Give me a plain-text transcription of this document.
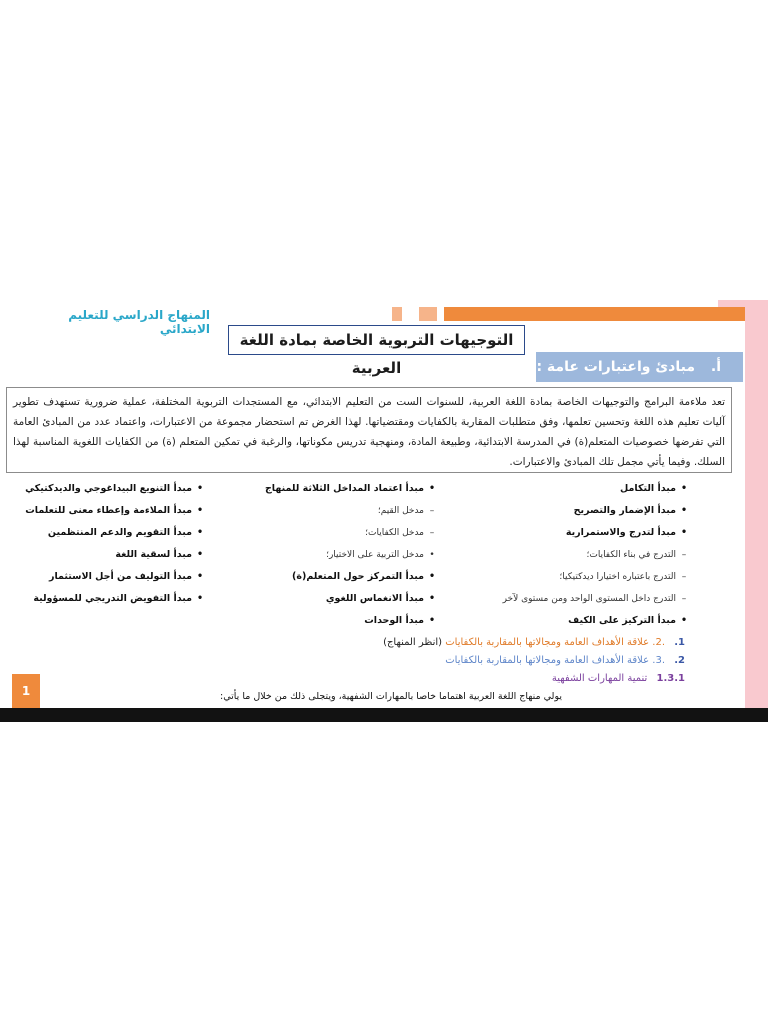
المنهاج الدراسي للتعليم الابتدائي
التوجيهات التربوية الخاصة بمادة اللغة العربية	أ.
مبادئ واعتبارات عامة :
تعد ملاءمة البرامج والتوجيهات الخاصة بمادة اللغة العربية، للسنوات الست من التعليم الابتدائي، مع المستجدات التربوية المختلفة، عملية ضرورية تستهدف تطوير آليات تعليم هذه اللغة وتحسين تعلمها، وفق متطلبات المقاربة بالكفايات ومقتضياتها. لهذا الغرض تم استحضار مجموعة من الاعتبارات، واعتماد عدد من المبادئ العامة التي تفرضها خصوصيات المتعلم(ة) في المدرسة الابتدائية، وطبيعة المادة، ومنهجية تدريس مكوناتها، والرغبة في تمكين المتعلم (ة) من الكفايات اللغوية المناسبة لهذا السلك. وفيما يأتي مجمل تلك المبادئ والاعتبارات.
•مبدأ التكامل
•مبدأ الإضمار والتصريح
•مبدأ لتدرج والاستمرارية
–التدرج في بناء الكفايات؛
–التدرج باعتباره اختيارا ديدكتيكيا؛
–التدرج داخل المستوى الواحد ومن مستوى لآخر
•مبدأ التركيز على الكيف
•مبدأ اعتماد المداخل الثلاثة للمنهاج
–مدخل القيم؛
–مدخل الكفايات؛
•مدخل التربية على الاختيار؛
•مبدأ التمركز حول المتعلم(ة)
•مبدأ الانغماس اللغوي
•مبدأ الوحدات
•مبدأ التنويع البيداغوجي والديدكتيكي
•مبدأ الملاءمة وإعطاء معنى للتعلمات
•مبدأ التقويم والدعم المنتظمين
•مبدأ لسقية اللغة
•مبدأ التوليف من أجل الاستثمار
•مبدأ التفويض التدريجي للمسؤولية
1. .2. علاقة الأهداف العامة ومجالاتها بالمقاربة بالكفايات (انظر المنهاج)
2. .3. علاقة الأهداف العامة ومجالاتها بالمقاربة بالكفايات
1.3.1 تنمية المهارات الشفهية
يولي منهاج اللغة العربية اهتماما خاصا بالمهارات الشفهية، ويتجلى ذلك من خلال ما يأتي:
1
